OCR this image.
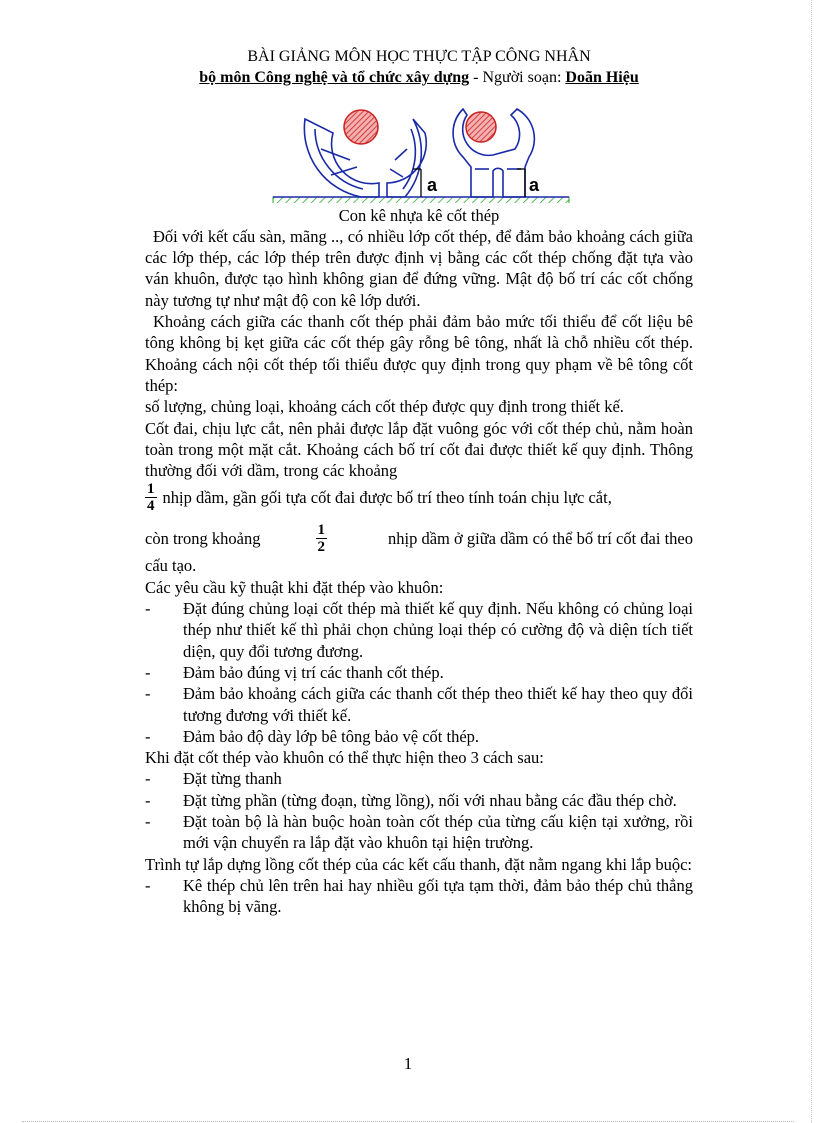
BÀI GIẢNG MÔN HỌC THỰC TẬP CÔNG NHÂN

bộ môn Công nghệ và tổ chức xây dựng - Người soạn: Doãn Hiệu

a	a

Con kê nhựa kê cốt thép

Đối với kết cấu sàn, mãng .., có nhiều lớp cốt thép, để đảm bảo khoảng cách giữa các lớp thép, các lớp thép trên được định vị bằng các cốt thép chống đặt tựa vào ván khuôn, được tạo hình không gian để đứng vững. Mật độ bố trí các cốt chống này tương tự như mật độ con kê lớp dưới.

Khoảng cách giữa các thanh cốt thép phải đảm bảo mức tối thiểu để cốt liệu bê tông không bị kẹt giữa các cốt thép gây rỗng bê tông, nhất là chỗ nhiều cốt thép. Khoảng cách nội cốt thép tối thiểu được quy định trong quy phạm về bê tông cốt thép:

số lượng, chủng loại, khoảng cách cốt thép được quy định trong thiết kế.

Cốt đai, chịu lực cắt, nên phải được lắp đặt vuông góc với cốt thép chủ, nằm hoàn toàn trong một mặt cắt. Khoảng cách bố trí cốt đai được thiết kế quy định. Thông thường đối với dầm, trong các khoảng

$\frac{1}{4}$ nhịp dầm, gần gối tựa cốt đai được bố trí theo tính toán chịu lực cắt,
còn trong khoảng	$\frac{1}{2}$	nhịp dầm ở giữa dầm có thể bố trí cốt đai theo

cấu tạo.

Các yêu cầu kỹ thuật khi đặt thép vào khuôn:

- Đặt đúng chủng loại cốt thép mà thiết kế quy định. Nếu không có chủng loại thép như thiết kế thì phải chọn chủng loại thép có cường độ và diện tích tiết diện, quy đổi tương đương.
- Đảm bảo đúng vị trí các thanh cốt thép.
- Đảm bảo khoảng cách giữa các thanh cốt thép theo thiết kế hay theo quy đổi tương đương với thiết kế.
- Đảm bảo độ dày lớp bê tông bảo vệ cốt thép.

Khi đặt cốt thép vào khuôn có thể thực hiện theo 3 cách sau:

- Đặt từng thanh
- Đặt từng phần (từng đoạn, từng lồng), nối với nhau bằng các đầu thép chờ.
- Đặt toàn bộ là hàn buộc hoàn toàn cốt thép của từng cấu kiện tại xưởng, rồi mới vận chuyển ra lắp đặt vào khuôn tại hiện trường.

Trình tự lắp dựng lồng cốt thép của các kết cấu thanh, đặt nằm ngang khi lắp buộc:

- Kê thép chủ lên trên hai hay nhiều gối tựa tạm thời, đảm bảo thép chủ thẳng không bị vãng.
1
